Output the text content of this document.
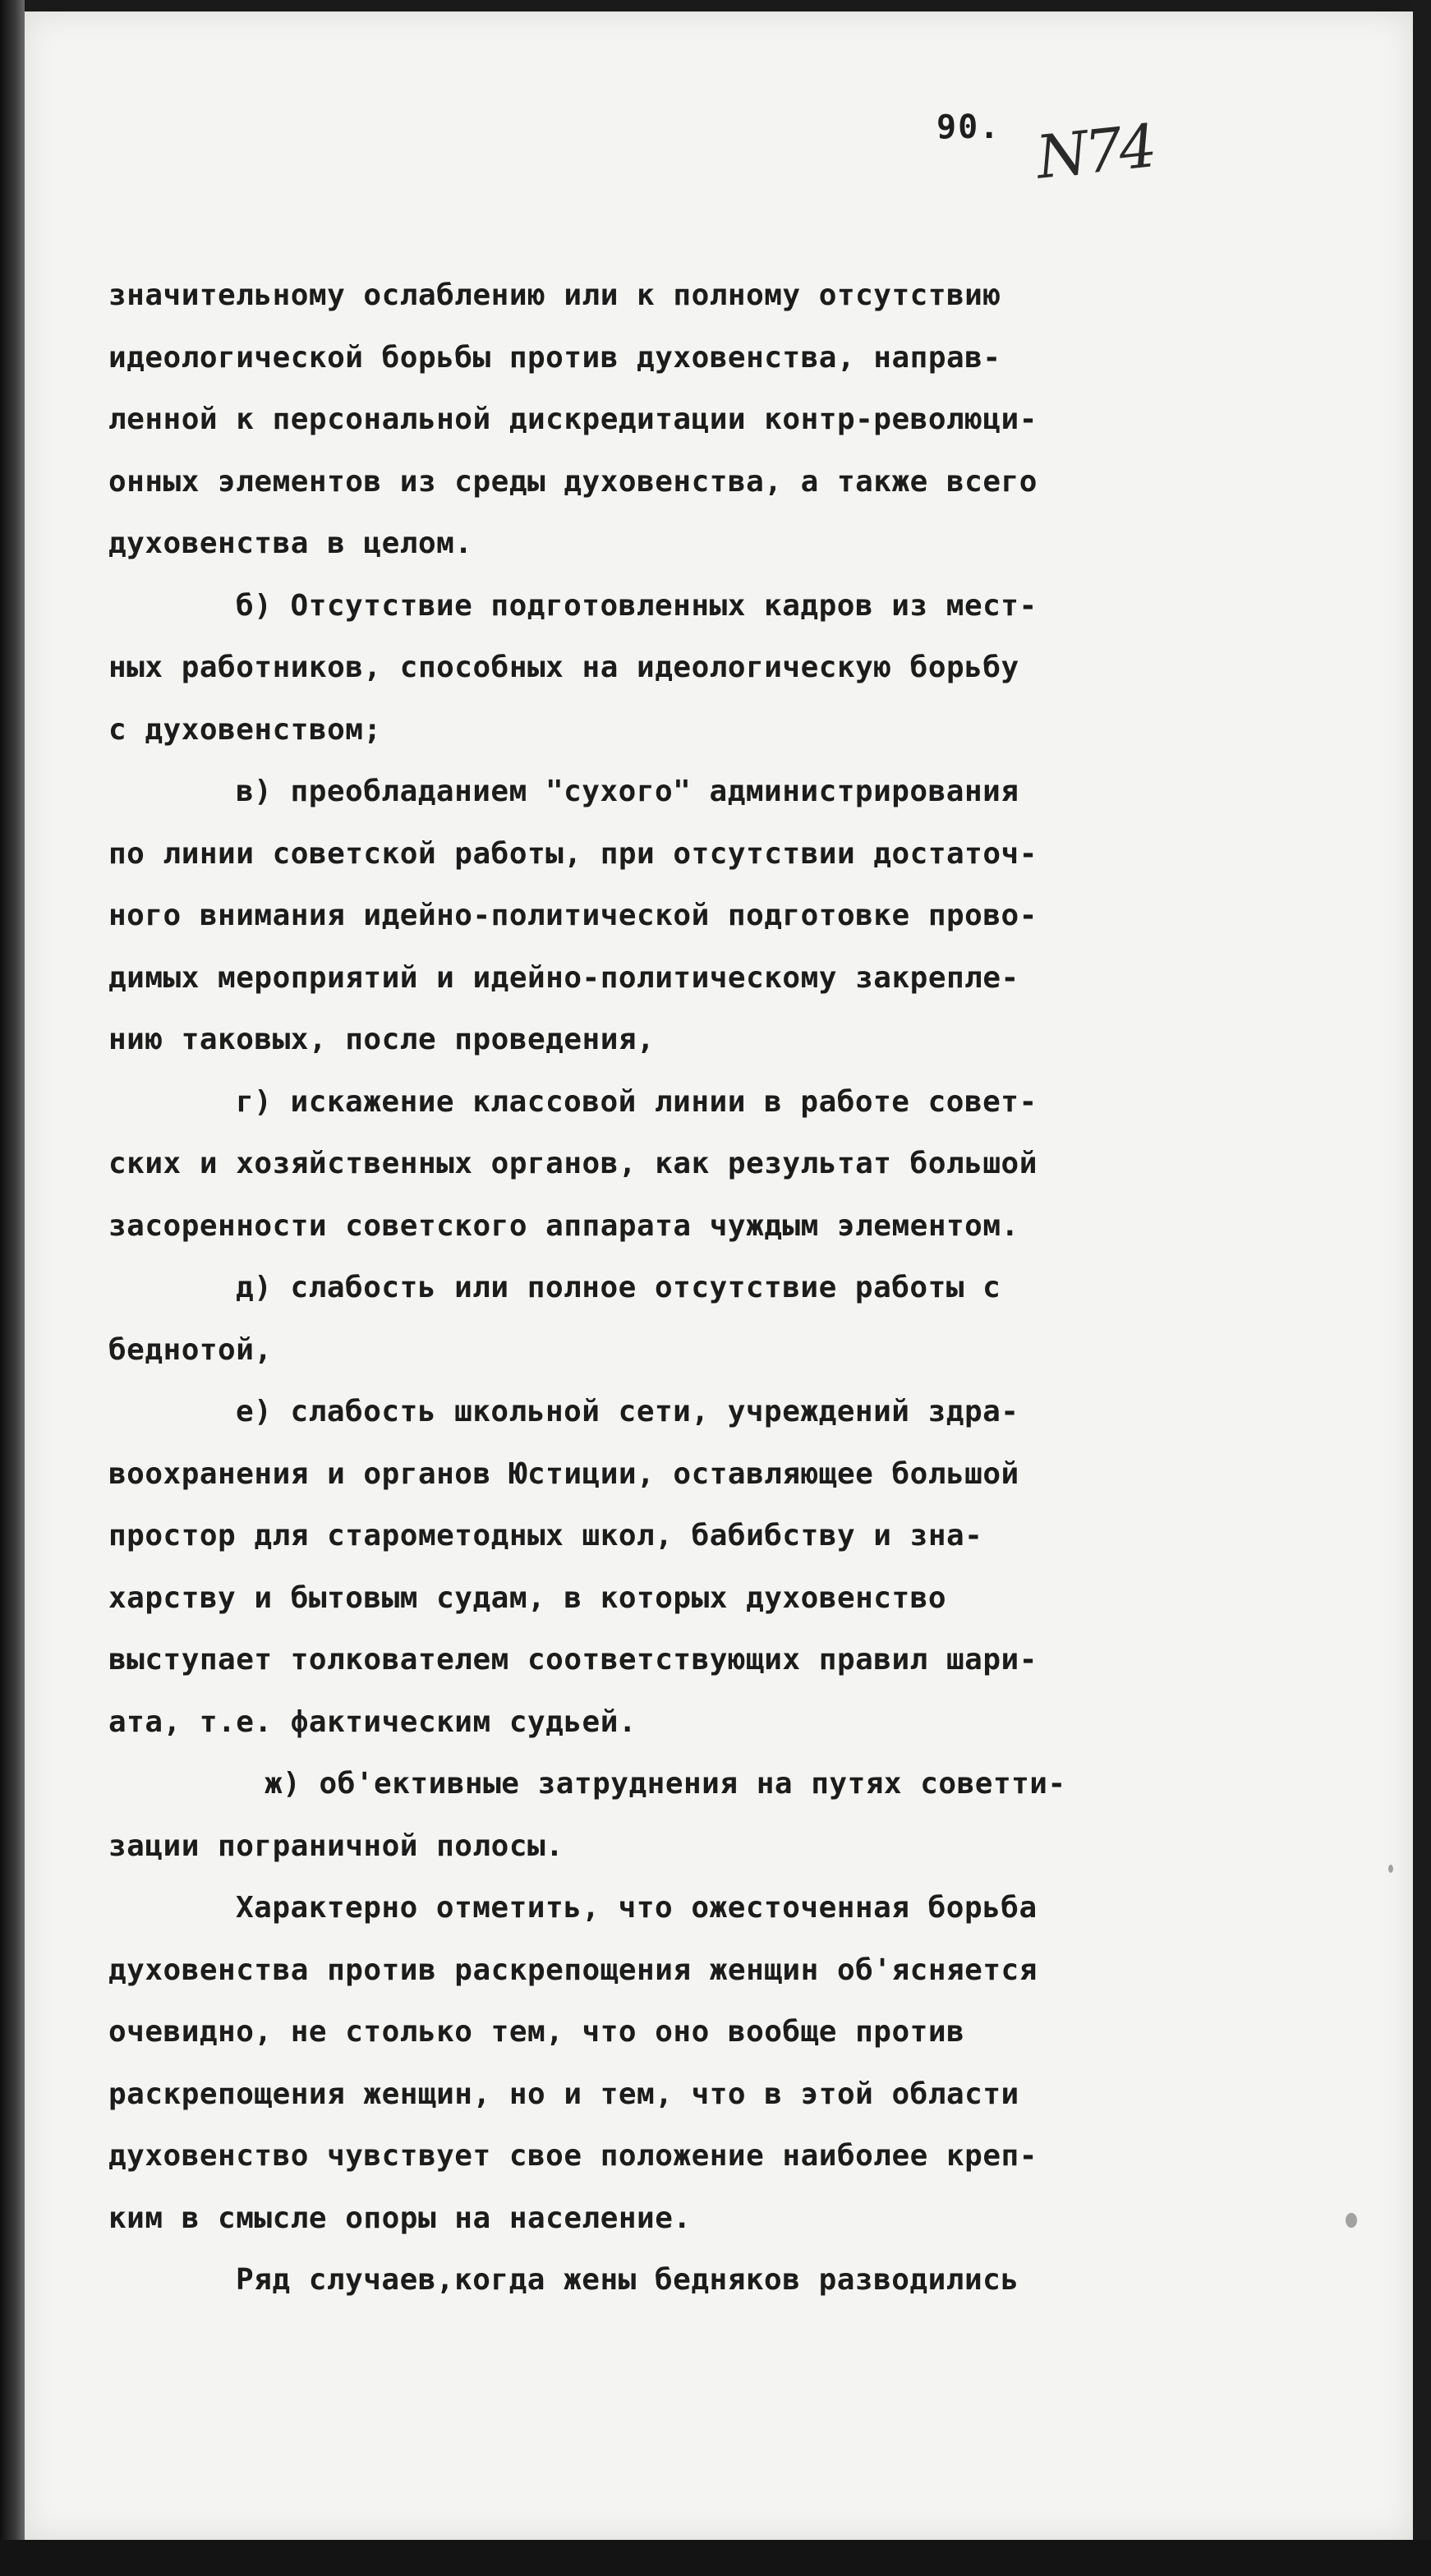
90. N74
значительному ослаблению или к полному отсутствию
идеологической борьбы против духовенства, направ-
ленной к персональной дискредитации контр-революци-
онных элементов из среды духовенства, а также всего
духовенства в целом.
б) Отсутствие подготовленных кадров из мест-
ных работников, способных на идеологическую борьбу
с духовенством;
в) преобладанием "сухого" администрирования
по линии советской работы, при отсутствии достаточ-
ного внимания идейно-политической подготовке прово-
димых мероприятий и идейно-политическому закрепле-
нию таковых, после проведения,
г) искажение классовой линии в работе совет-
ских и хозяйственных органов, как результат большой
засоренности советского аппарата чуждым элементом.
д) слабость или полное отсутствие работы с
беднотой,
е) слабость школьной сети, учреждений здра-
воохранения и органов Юстиции, оставляющее большой
простор для старометодных школ, бабибству и зна-
харству и бытовым судам, в которых духовенство
выступает толкователем соответствующих правил шари-
ата, т.е. фактическим судьей.
ж) об'ективные затруднения на путях советти-
зации пограничной полосы.
Характерно отметить, что ожесточенная борьба
духовенства против раскрепощения женщин об'ясняется
очевидно, не столько тем, что оно вообще против
раскрепощения женщин, но и тем, что в этой области
духовенство чувствует свое положение наиболее креп-
ким в смысле опоры на население.
Ряд случаев,когда жены бедняков разводились
